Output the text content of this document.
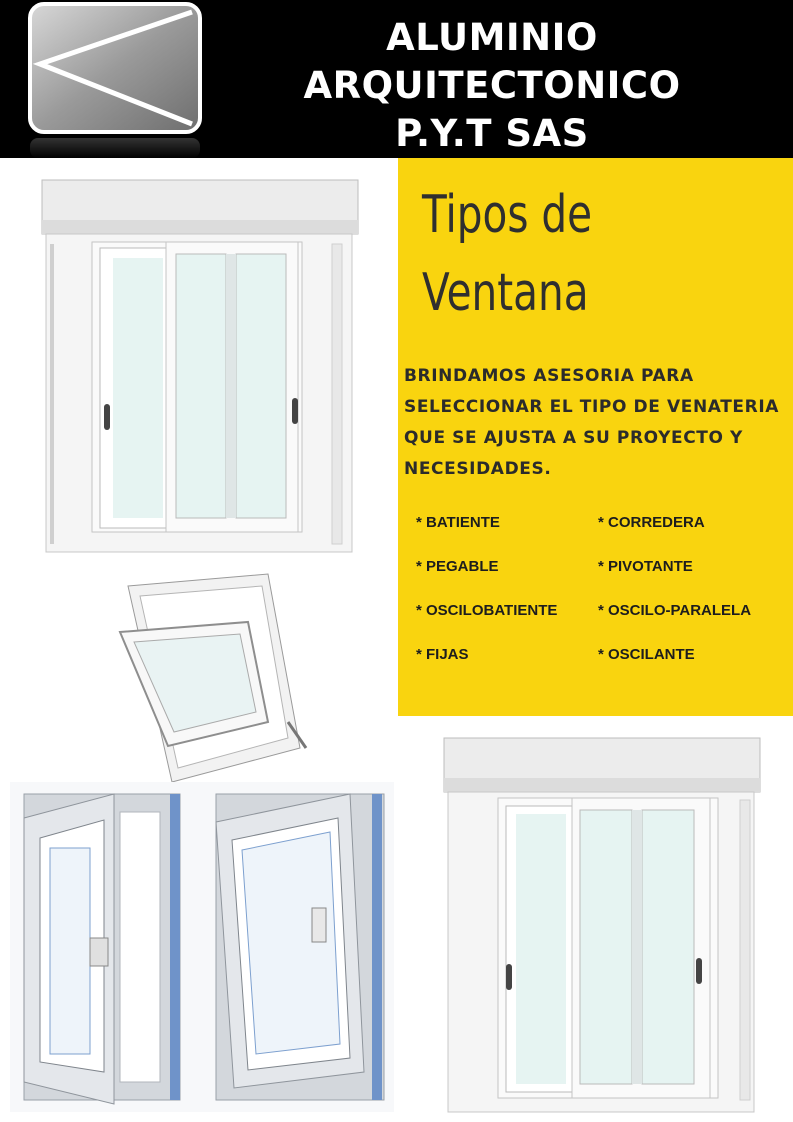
ALUMINIO ARQUITECTONICO
P.Y.T SAS
Tipos de
Ventana
BRINDAMOS ASESORIA PARA
SELECCIONAR EL TIPO DE VENATERIA
QUE SE AJUSTA A SU PROYECTO Y
NECESIDADES.
* BATIENTE	* CORREDERA
* PEGABLE	* PIVOTANTE
* OSCILOBATIENTE	* OSCILO-PARALELA
* FIJAS	* OSCILANTE
